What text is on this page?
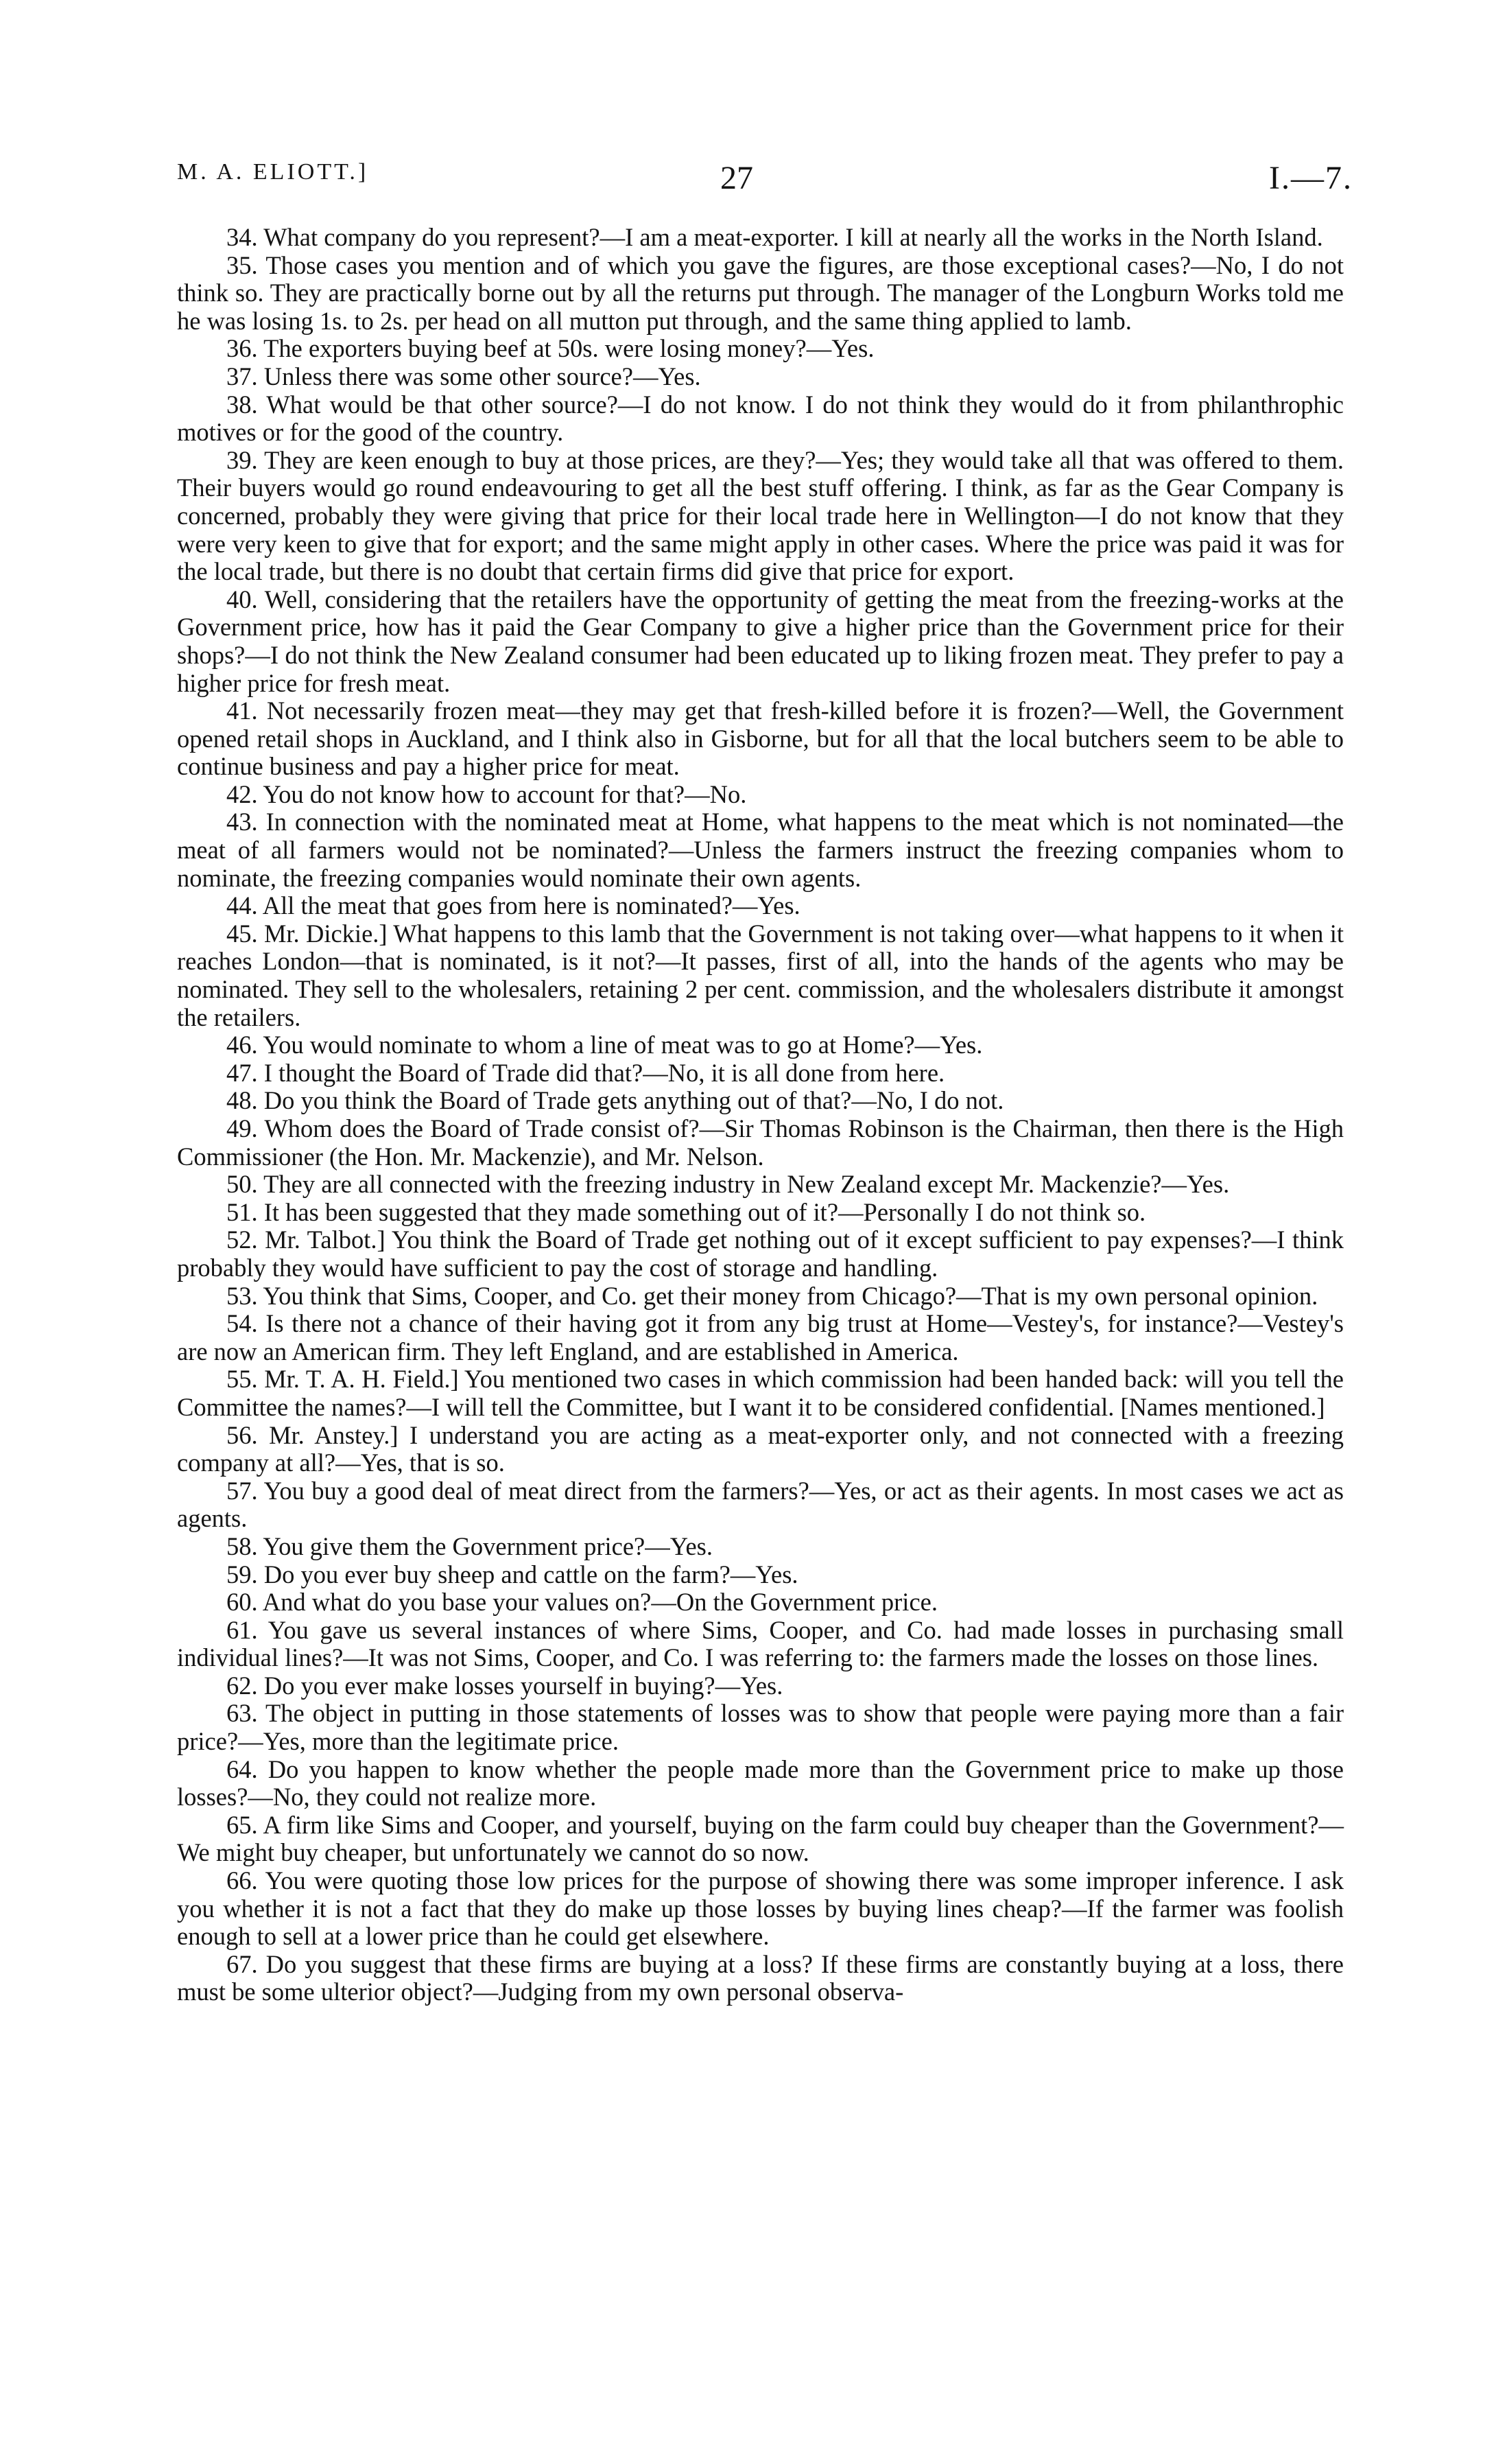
M. A. ELIOTT.]	27	I.—7.

34. What company do you represent?—I am a meat-exporter. I kill at nearly all the works in the North Island.

35. Those cases you mention and of which you gave the figures, are those exceptional cases?—No, I do not think so. They are practically borne out by all the returns put through. The manager of the Longburn Works told me he was losing 1s. to 2s. per head on all mutton put through, and the same thing applied to lamb.

36. The exporters buying beef at 50s. were losing money?—Yes.

37. Unless there was some other source?—Yes.

38. What would be that other source?—I do not know. I do not think they would do it from philanthrophic motives or for the good of the country.

39. They are keen enough to buy at those prices, are they?—Yes; they would take all that was offered to them. Their buyers would go round endeavouring to get all the best stuff offering. I think, as far as the Gear Company is concerned, probably they were giving that price for their local trade here in Wellington—I do not know that they were very keen to give that for export; and the same might apply in other cases. Where the price was paid it was for the local trade, but there is no doubt that certain firms did give that price for export.

40. Well, considering that the retailers have the opportunity of getting the meat from the freezing-works at the Government price, how has it paid the Gear Company to give a higher price than the Government price for their shops?—I do not think the New Zealand consumer had been educated up to liking frozen meat. They prefer to pay a higher price for fresh meat.

41. Not necessarily frozen meat—they may get that fresh-killed before it is frozen?—Well, the Government opened retail shops in Auckland, and I think also in Gisborne, but for all that the local butchers seem to be able to continue business and pay a higher price for meat.

42. You do not know how to account for that?—No.

43. In connection with the nominated meat at Home, what happens to the meat which is not nominated—the meat of all farmers would not be nominated?—Unless the farmers instruct the freezing companies whom to nominate, the freezing companies would nominate their own agents.

44. All the meat that goes from here is nominated?—Yes.

45. Mr. Dickie.] What happens to this lamb that the Government is not taking over—what happens to it when it reaches London—that is nominated, is it not?—It passes, first of all, into the hands of the agents who may be nominated. They sell to the wholesalers, retaining 2 per cent. commission, and the wholesalers distribute it amongst the retailers.

46. You would nominate to whom a line of meat was to go at Home?—Yes.

47. I thought the Board of Trade did that?—No, it is all done from here.

48. Do you think the Board of Trade gets anything out of that?—No, I do not.

49. Whom does the Board of Trade consist of?—Sir Thomas Robinson is the Chairman, then there is the High Commissioner (the Hon. Mr. Mackenzie), and Mr. Nelson.

50. They are all connected with the freezing industry in New Zealand except Mr. Mackenzie?—Yes.

51. It has been suggested that they made something out of it?—Personally I do not think so.

52. Mr. Talbot.] You think the Board of Trade get nothing out of it except sufficient to pay expenses?—I think probably they would have sufficient to pay the cost of storage and handling.

53. You think that Sims, Cooper, and Co. get their money from Chicago?—That is my own personal opinion.

54. Is there not a chance of their having got it from any big trust at Home—Vestey's, for instance?—Vestey's are now an American firm. They left England, and are established in America.

55. Mr. T. A. H. Field.] You mentioned two cases in which commission had been handed back: will you tell the Committee the names?—I will tell the Committee, but I want it to be considered confidential. [Names mentioned.]

56. Mr. Anstey.] I understand you are acting as a meat-exporter only, and not connected with a freezing company at all?—Yes, that is so.

57. You buy a good deal of meat direct from the farmers?—Yes, or act as their agents. In most cases we act as agents.

58. You give them the Government price?—Yes.

59. Do you ever buy sheep and cattle on the farm?—Yes.

60. And what do you base your values on?—On the Government price.

61. You gave us several instances of where Sims, Cooper, and Co. had made losses in purchasing small individual lines?—It was not Sims, Cooper, and Co. I was referring to: the farmers made the losses on those lines.

62. Do you ever make losses yourself in buying?—Yes.

63. The object in putting in those statements of losses was to show that people were paying more than a fair price?—Yes, more than the legitimate price.

64. Do you happen to know whether the people made more than the Government price to make up those losses?—No, they could not realize more.

65. A firm like Sims and Cooper, and yourself, buying on the farm could buy cheaper than the Government?—We might buy cheaper, but unfortunately we cannot do so now.

66. You were quoting those low prices for the purpose of showing there was some improper inference. I ask you whether it is not a fact that they do make up those losses by buying lines cheap?—If the farmer was foolish enough to sell at a lower price than he could get elsewhere.

67. Do you suggest that these firms are buying at a loss? If these firms are constantly buying at a loss, there must be some ulterior object?—Judging from my own personal observa-
